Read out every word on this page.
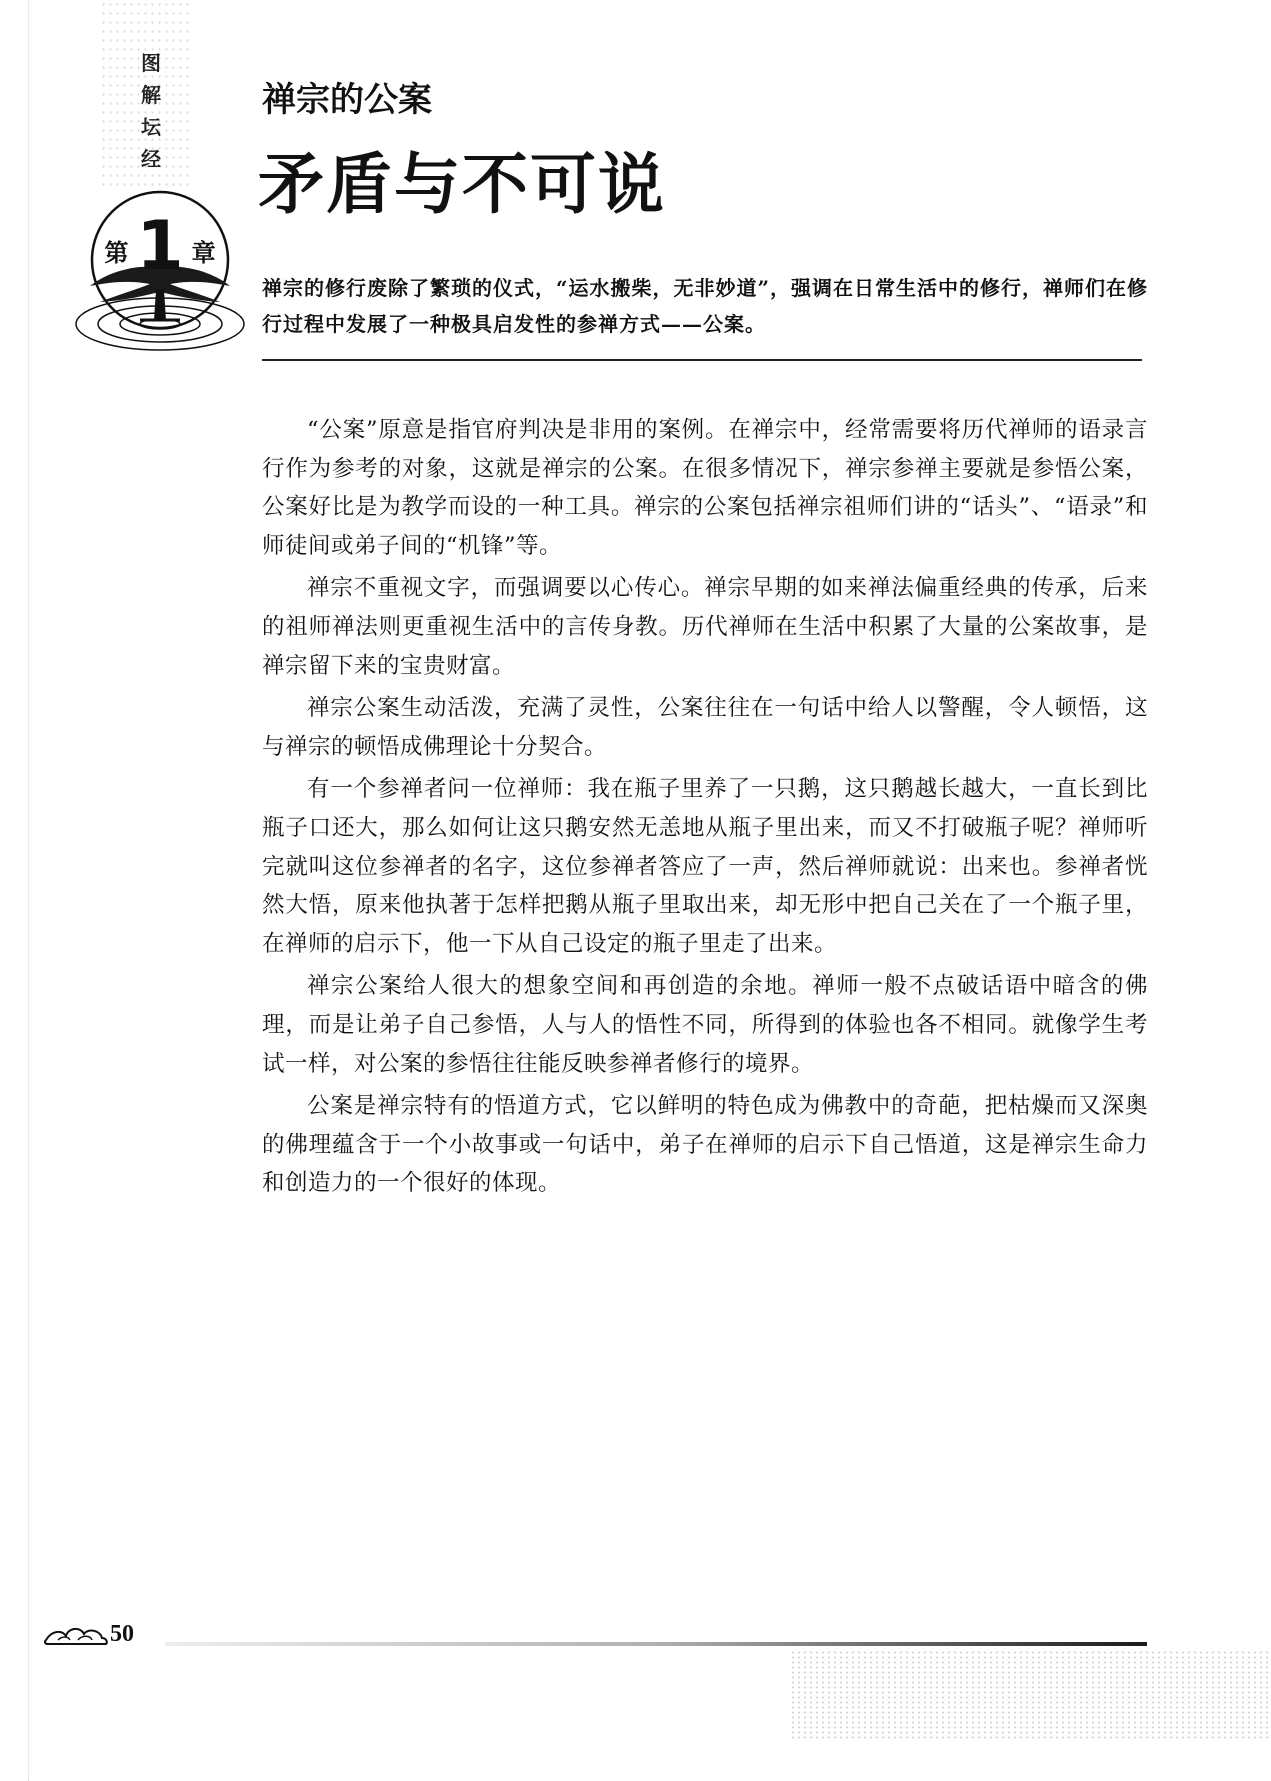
图
解
坛
经
第 1 章
禅宗的公案
矛盾与不可说

禅宗的修行废除了繁琐的仪式，“运水搬柴，无非妙道”，强调在日常生活中的修行，禅师们在修行过程中发展了一种极具启发性的参禅方式——公案。

“公案”原意是指官府判决是非用的案例。在禅宗中，经常需要将历代禅师的语录言行作为参考的对象，这就是禅宗的公案。在很多情况下，禅宗参禅主要就是参悟公案，公案好比是为教学而设的一种工具。禅宗的公案包括禅宗祖师们讲的“话头”、“语录”和师徒间或弟子间的“机锋”等。

禅宗不重视文字，而强调要以心传心。禅宗早期的如来禅法偏重经典的传承，后来的祖师禅法则更重视生活中的言传身教。历代禅师在生活中积累了大量的公案故事，是禅宗留下来的宝贵财富。

禅宗公案生动活泼，充满了灵性，公案往往在一句话中给人以警醒，令人顿悟，这与禅宗的顿悟成佛理论十分契合。

有一个参禅者问一位禅师：我在瓶子里养了一只鹅，这只鹅越长越大，一直长到比瓶子口还大，那么如何让这只鹅安然无恙地从瓶子里出来，而又不打破瓶子呢？禅师听完就叫这位参禅者的名字，这位参禅者答应了一声，然后禅师就说：出来也。参禅者恍然大悟，原来他执著于怎样把鹅从瓶子里取出来，却无形中把自己关在了一个瓶子里，在禅师的启示下，他一下从自己设定的瓶子里走了出来。

禅宗公案给人很大的想象空间和再创造的余地。禅师一般不点破话语中暗含的佛理，而是让弟子自己参悟，人与人的悟性不同，所得到的体验也各不相同。就像学生考试一样，对公案的参悟往往能反映参禅者修行的境界。

公案是禅宗特有的悟道方式，它以鲜明的特色成为佛教中的奇葩，把枯燥而又深奥的佛理蕴含于一个小故事或一句话中，弟子在禅师的启示下自己悟道，这是禅宗生命力和创造力的一个很好的体现。

50
